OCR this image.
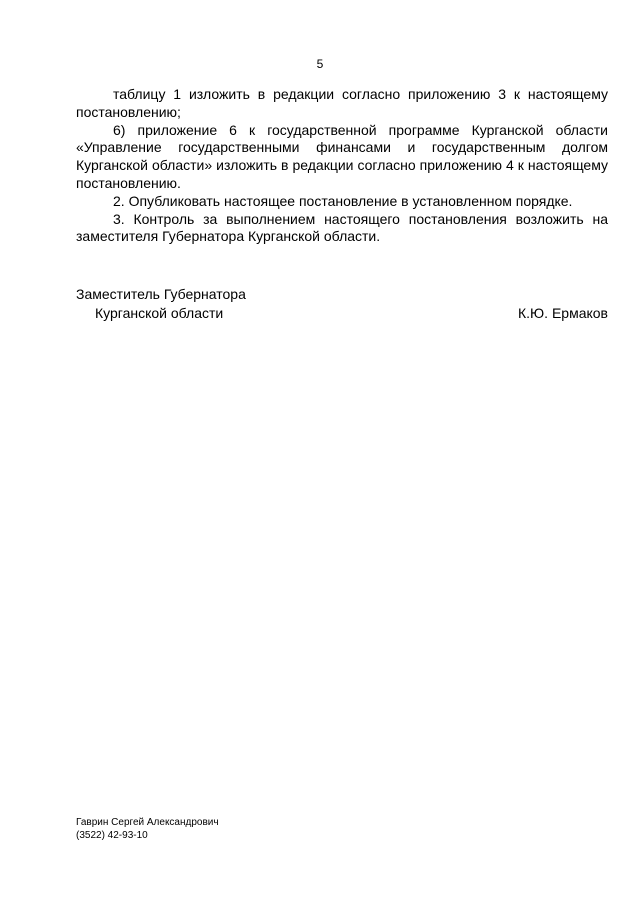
5

таблицу 1 изложить в редакции согласно приложению 3 к настоящему постановлению;

6) приложение 6 к государственной программе Курганской области «Управление государственными финансами и государственным долгом Курганской области» изложить в редакции согласно приложению 4 к настоящему постановлению.

2. Опубликовать настоящее постановление в установленном порядке.

3. Контроль за выполнением настоящего постановления возложить на заместителя Губернатора Курганской области.

Заместитель Губернатора
Курганской области	К.Ю. Ермаков
Гаврин Сергей Александрович
(3522) 42-93-10
